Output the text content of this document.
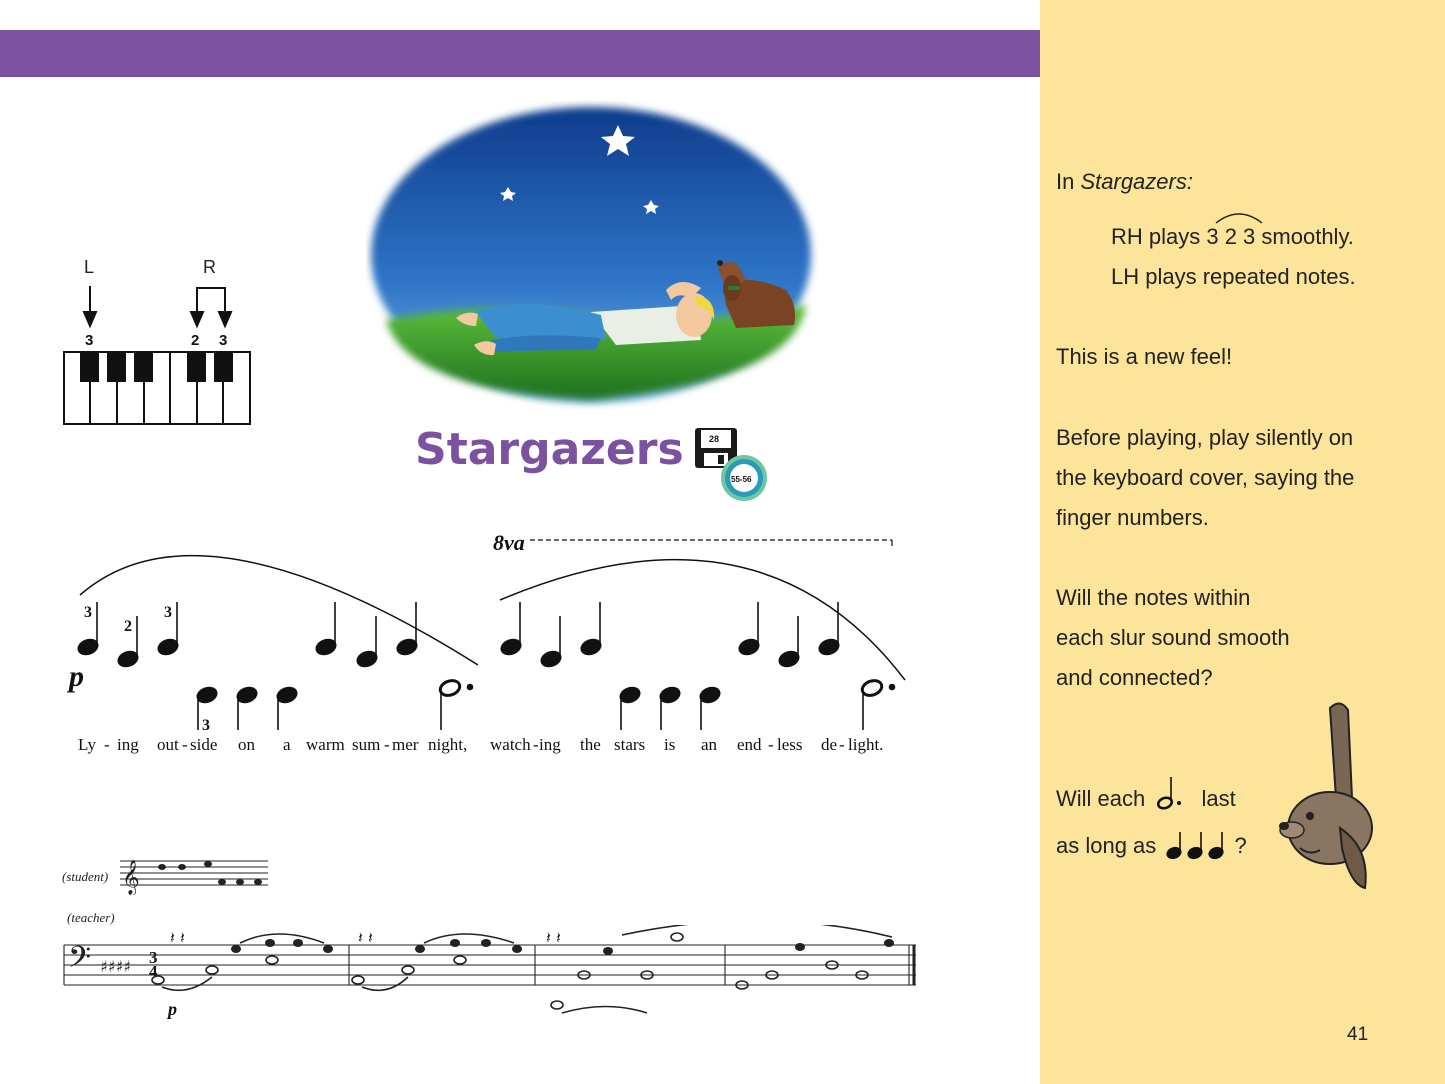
L	R
3	2 3
Stargazers	28
55-56
8va
3
2
3
3
p
Ly - ing out - side on a warm sum - mer night, watch - ing the stars is an end - less de - light.
(student)
(teacher)
p
3
4
𝄞
𝄢 ♯♯♯♯
𝄽 𝄽	𝄽 𝄽	𝄽 𝄽
In Stargazers:
RH plays 3 2 3 smoothly.
LH plays repeated notes.
This is a new feel!
Before playing, play silently on
the keyboard cover, saying the
finger numbers.
Will the notes within
each slur sound smooth
and connected?
Will each  last
as long as	?
41
